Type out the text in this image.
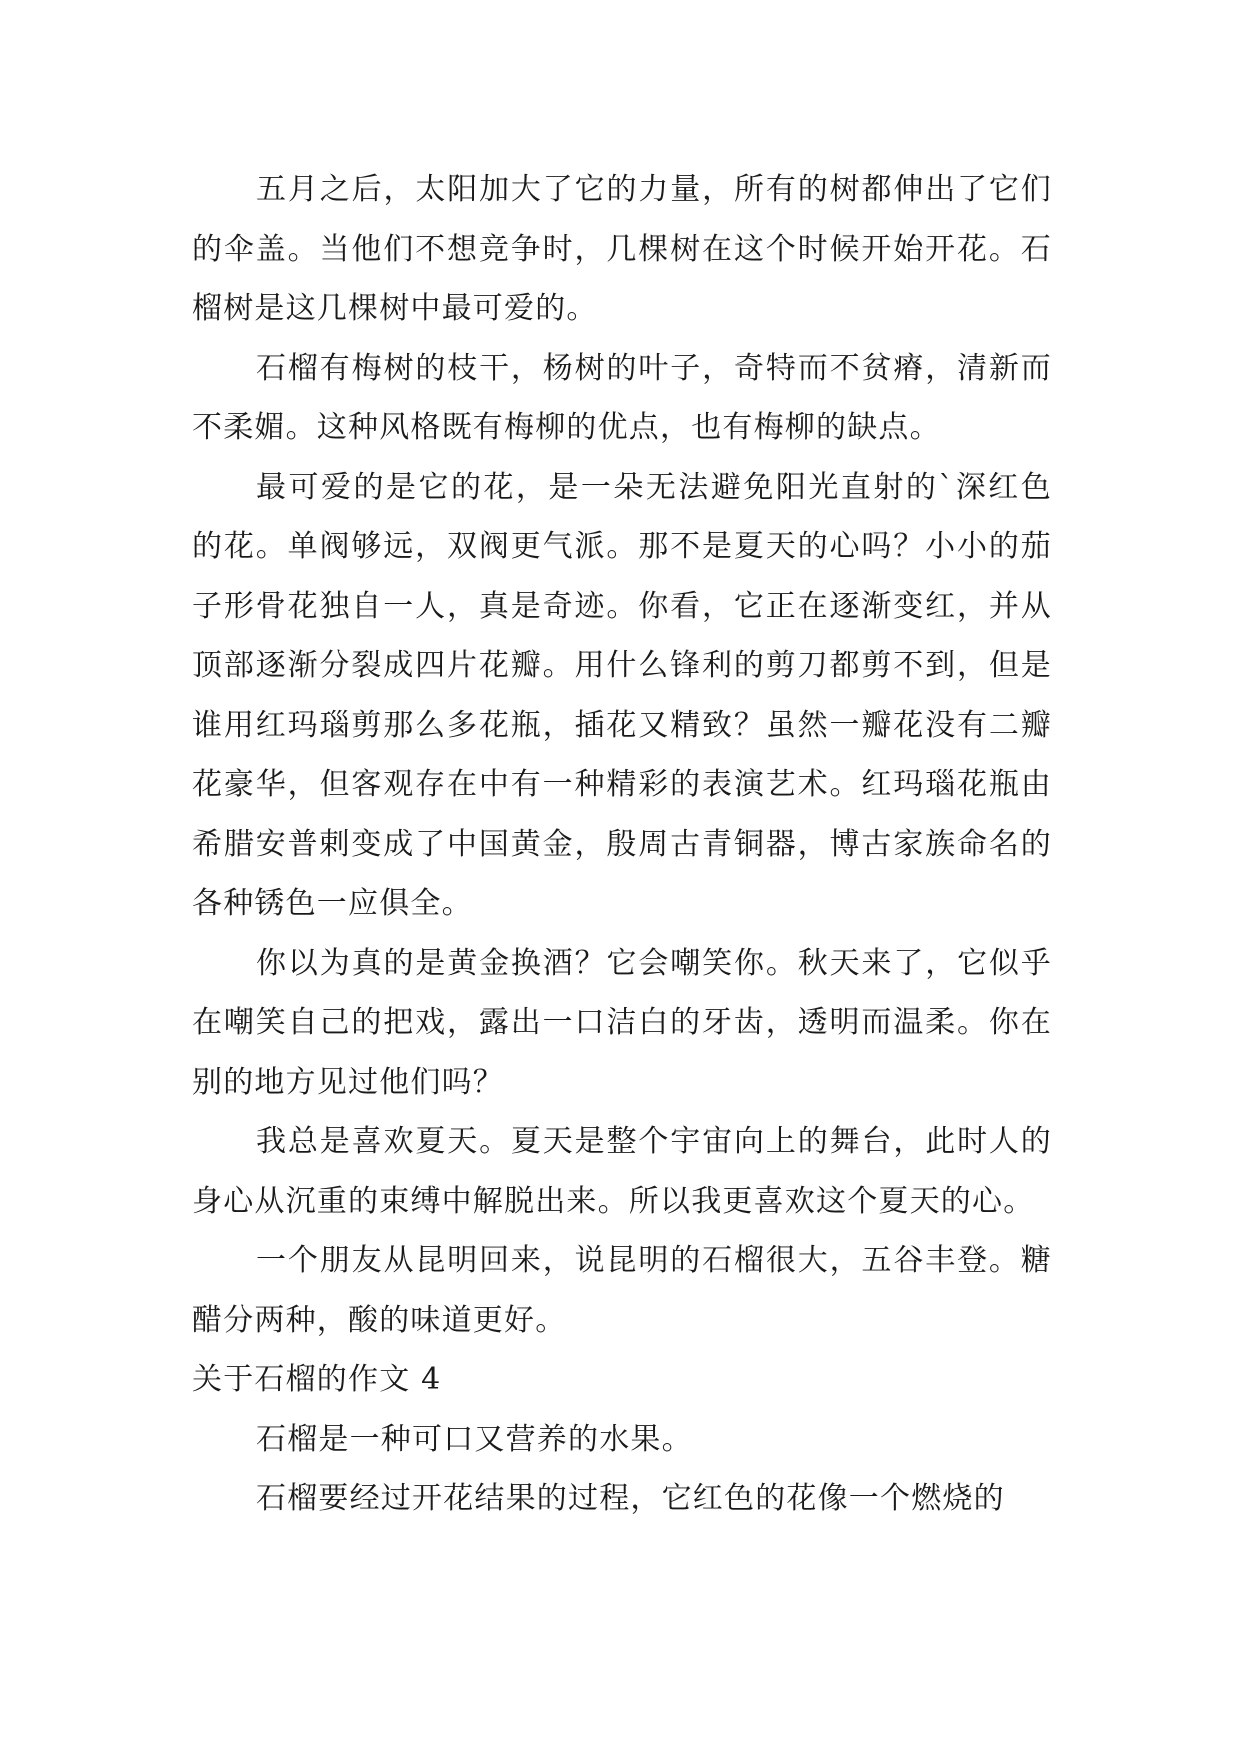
五月之后，太阳加大了它的力量，所有的树都伸出了它们的伞盖。当他们不想竞争时，几棵树在这个时候开始开花。石榴树是这几棵树中最可爱的。

石榴有梅树的枝干，杨树的叶子，奇特而不贫瘠，清新而不柔媚。这种风格既有梅柳的优点，也有梅柳的缺点。

最可爱的是它的花，是一朵无法避免阳光直射的`深红色的花。单阀够远，双阀更气派。那不是夏天的心吗？小小的茄子形骨花独自一人，真是奇迹。你看，它正在逐渐变红，并从顶部逐渐分裂成四片花瓣。用什么锋利的剪刀都剪不到，但是谁用红玛瑙剪那么多花瓶，插花又精致？虽然一瓣花没有二瓣花豪华，但客观存在中有一种精彩的表演艺术。红玛瑙花瓶由希腊安普剌变成了中国黄金，殷周古青铜器，博古家族命名的各种锈色一应俱全。

你以为真的是黄金换酒？它会嘲笑你。秋天来了，它似乎在嘲笑自己的把戏，露出一口洁白的牙齿，透明而温柔。你在别的地方见过他们吗？

我总是喜欢夏天。夏天是整个宇宙向上的舞台，此时人的身心从沉重的束缚中解脱出来。所以我更喜欢这个夏天的心。

一个朋友从昆明回来，说昆明的石榴很大，五谷丰登。糖醋分两种，酸的味道更好。

关于石榴的作文 4

石榴是一种可口又营养的水果。

石榴要经过开花结果的过程，它红色的花像一个燃烧的
